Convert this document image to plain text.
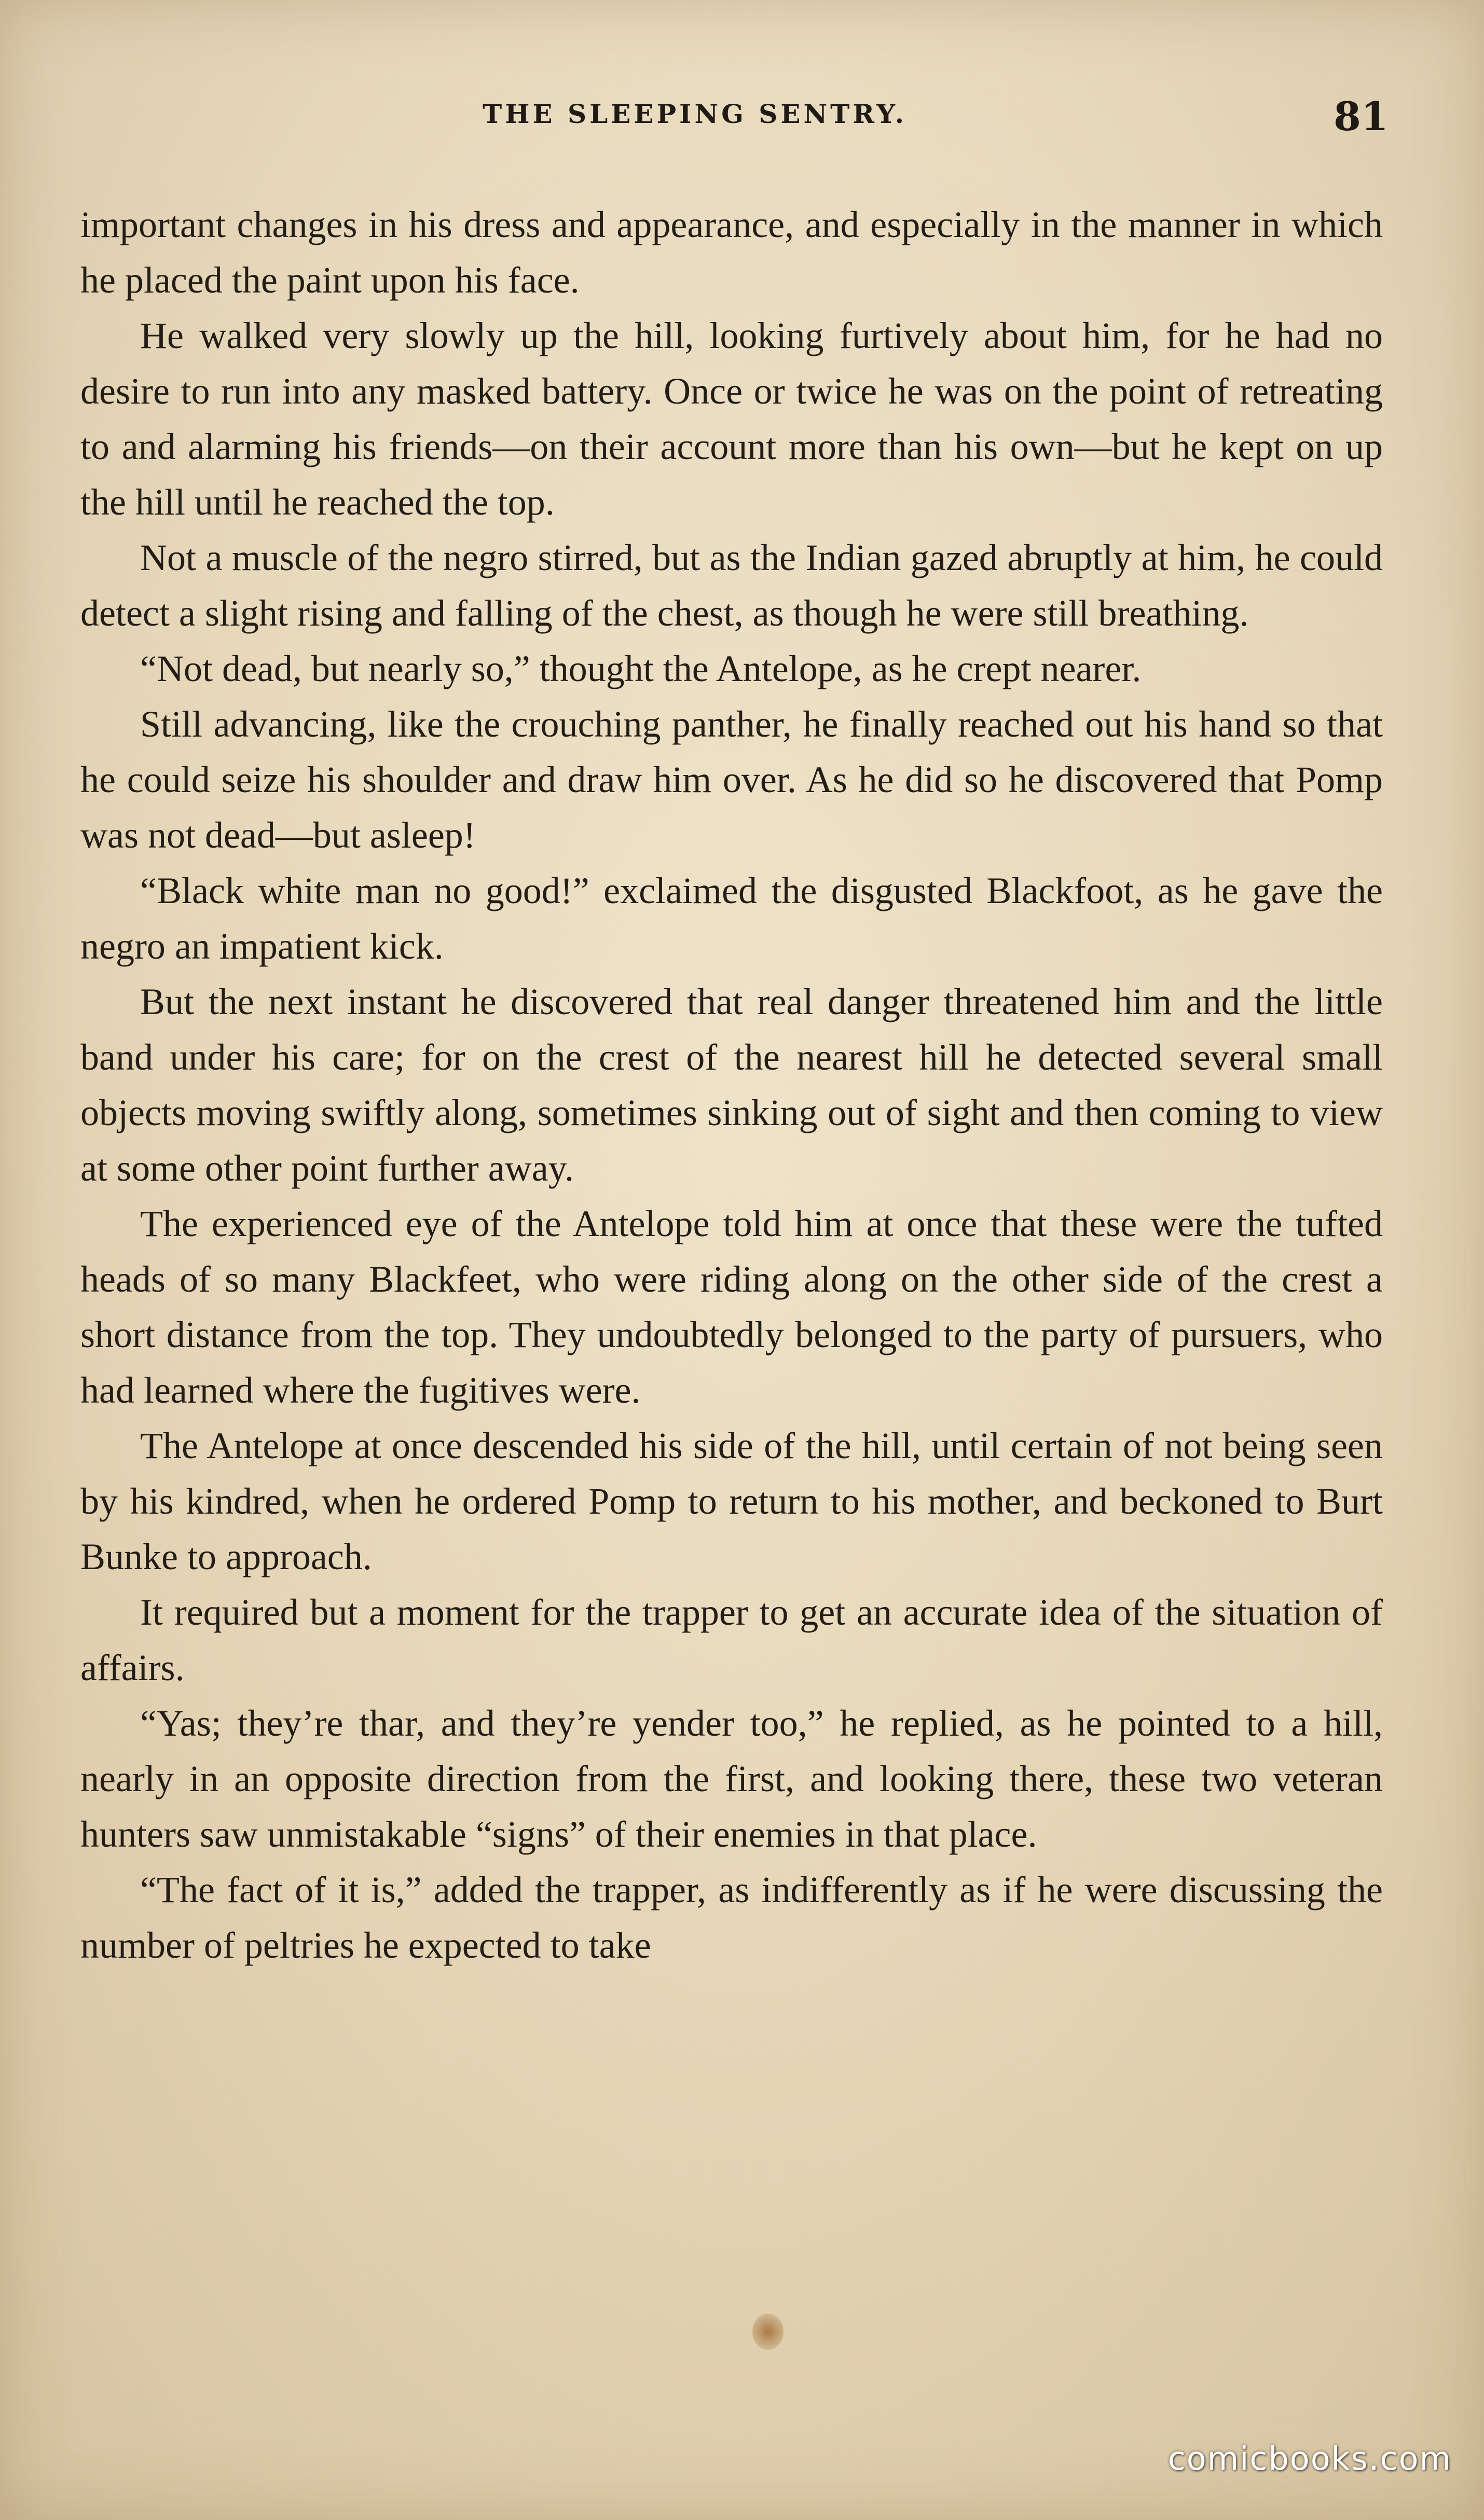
THE SLEEPING SENTRY.	81

important changes in his dress and appearance, and especially in the manner in which he placed the paint upon his face.

He walked very slowly up the hill, looking furtively about him, for he had no desire to run into any masked battery. Once or twice he was on the point of retreating to and alarming his friends—on their account more than his own—but he kept on up the hill until he reached the top.

Not a muscle of the negro stirred, but as the Indian gazed abruptly at him, he could detect a slight rising and falling of the chest, as though he were still breathing.

“Not dead, but nearly so,” thought the Antelope, as he crept nearer.

Still advancing, like the crouching panther, he finally reached out his hand so that he could seize his shoulder and draw him over. As he did so he discovered that Pomp was not dead—but asleep!

“Black white man no good!” exclaimed the disgusted Blackfoot, as he gave the negro an impatient kick.

But the next instant he discovered that real danger threatened him and the little band under his care; for on the crest of the nearest hill he detected several small objects moving swiftly along, sometimes sinking out of sight and then coming to view at some other point further away.

The experienced eye of the Antelope told him at once that these were the tufted heads of so many Blackfeet, who were riding along on the other side of the crest a short distance from the top. They undoubtedly belonged to the party of pursuers, who had learned where the fugitives were.

The Antelope at once descended his side of the hill, until certain of not being seen by his kindred, when he ordered Pomp to return to his mother, and beckoned to Burt Bunke to approach.

It required but a moment for the trapper to get an accurate idea of the situation of affairs.

“Yas; they’re thar, and they’re yender too,” he replied, as he pointed to a hill, nearly in an opposite direction from the first, and looking there, these two veteran hunters saw unmistakable “signs” of their enemies in that place.

“The fact of it is,” added the trapper, as indifferently as if he were discussing the number of peltries he expected to take

comicbooks.com
